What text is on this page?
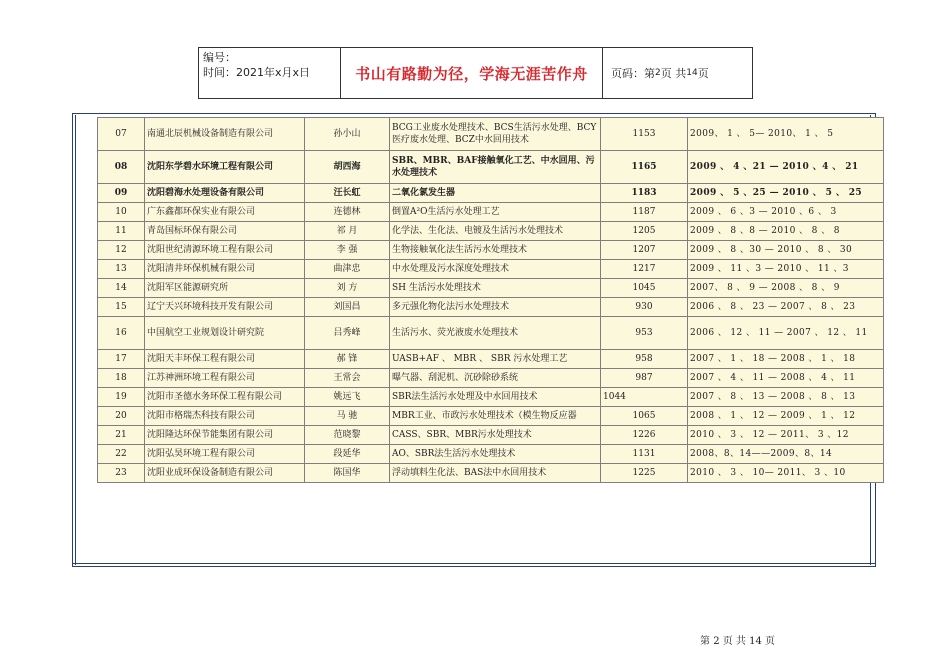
编号：
时间：2021年x月x日	书山有路勤为径，学海无涯苦作舟	页码：第 2 页 共 14 页
07	南通北辰机械设备制造有限公司	孙小山	BCG工业废水处理技术、BCS生活污水处理、BCY医疗废水处理、BCZ中水回用技术	1153	2009、 1 、 5— 2010、 1 、 5
08	沈阳东学碧水环境工程有限公司	胡西海	SBR、MBR、BAF接触氧化工艺、中水回用、污水处理技术	1165	2009 、 4 、21 — 2010 、4 、 21
09	沈阳碧海水处理设备有限公司	汪长虹	二氧化氯发生器	1183	2009 、 5 、25 — 2010 、 5 、 25
10	广东鑫都环保实业有限公司	连德林	倒置A²O生活污水处理工艺	1187	2009 、 6 、3 — 2010 、6 、 3
11	青岛国标环保有限公司	祁 月	化学法、生化法、电镀及生活污水处理技术	1205	2009 、 8 、8 — 2010 、 8 、 8
12	沈阳世纪清源环境工程有限公司	李 强	生物接触氧化法生活污水处理技术	1207	2009 、 8 、30 — 2010 、 8 、 30
13	沈阳清井环保机械有限公司	曲津忠	中水处理及污水深度处理技术	1217	2009 、 11 、3 — 2010 、 11 、3
14	沈阳军区能源研究所	刘 方	SH 生活污水处理技术	1045	2007、 8 、 9 — 2008 、 8 、 9
15	辽宁天兴环境科技开发有限公司	刘国昌	多元强化物化法污水处理技术	930	2006 、 8 、 23 — 2007 、 8 、 23
16	中国航空工业规划设计研究院	吕秀峰	生活污水、荧光液废水处理技术	953	2006 、 12 、 11 — 2007 、 12 、 11
17	沈阳天丰环保工程有限公司	郝 锋	UASB+AF 、 MBR 、 SBR 污水处理工艺	958	2007 、 1 、 18 — 2008 、 1 、 18
18	江苏神洲环境工程有限公司	王常会	曝气器、刮泥机、沉砂除砂系统	987	2007 、 4 、 11 — 2008 、 4 、 11
19	沈阳市圣德水务环保工程有限公司	姚远飞	SBR法生活污水处理及中水回用技术	1044	2007 、 8 、 13 — 2008 、 8 、 13
20	沈阳市格瑞杰科技有限公司	马 驰	MBR工业、市政污水处理技术（模生物反应器	1065	2008 、 1 、 12 — 2009 、 1 、 12
21	沈阳隆达环保节能集团有限公司	范晓黎	CASS、SBR、MBR污水处理技术	1226	2010 、 3 、 12 — 2011、 3 、12
22	沈阳弘昊环境工程有限公司	段延华	AO、SBR法生活污水处理技术	1131	2008、8、14——2009、8、14
23	沈阳业成环保设备制造有限公司	陈国华	浮动填料生化法、BAS法中水回用技术	1225	2010 、 3 、 10— 2011、 3 、10
第 2 页 共 14 页
